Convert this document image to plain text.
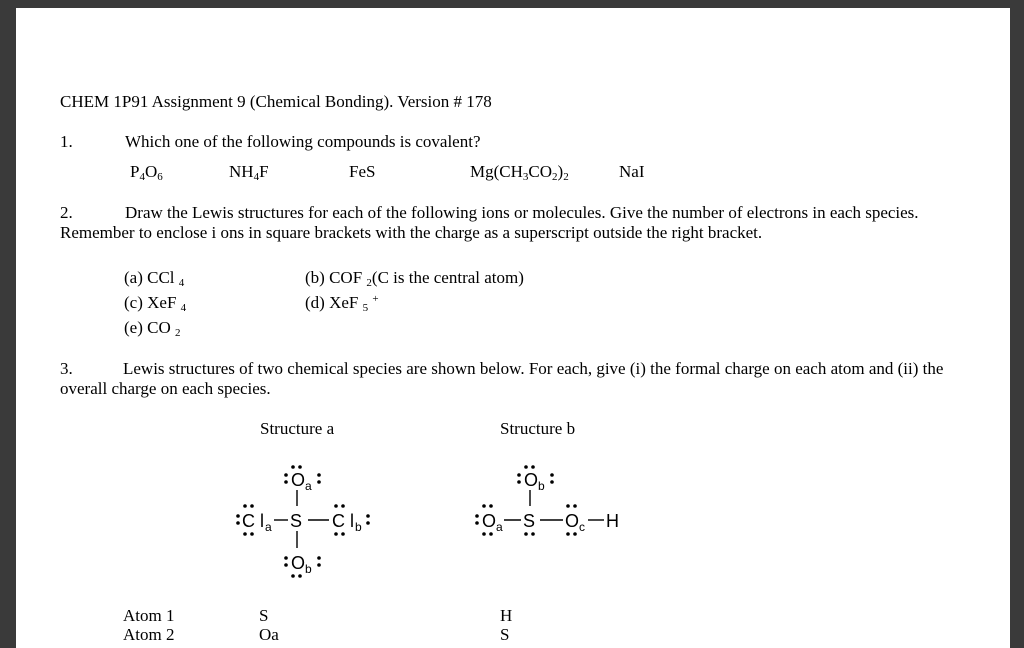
CHEM 1P91 Assignment 9 (Chemical Bonding). Version # 178
1.	Which one of the following compounds is covalent?
$P_4O_6$	$NH_4F$	FeS	$Mg(CH_3CO_2)_2$	NaI
2.	Draw the Lewis structures for each of the following ions or molecules. Give the number of electrons in each species. Remember to enclose i ons in square brackets with the charge as a superscript outside the right bracket.
(a) CCl $_4$	(b) COF $_2$(C is the central atom)
(c) XeF $_4$	(d) XeF $_5$ +
(e) CO $_2$
3.	Lewis structures of two chemical species are shown below. For each, give (i) the formal charge on each atom and (ii) the overall charge on each species.
Structure a	Structure b
O a
C l a S C l b
O b
O b
O a S O c H
Atom 1	S	H
Atom 2	Oa	S
